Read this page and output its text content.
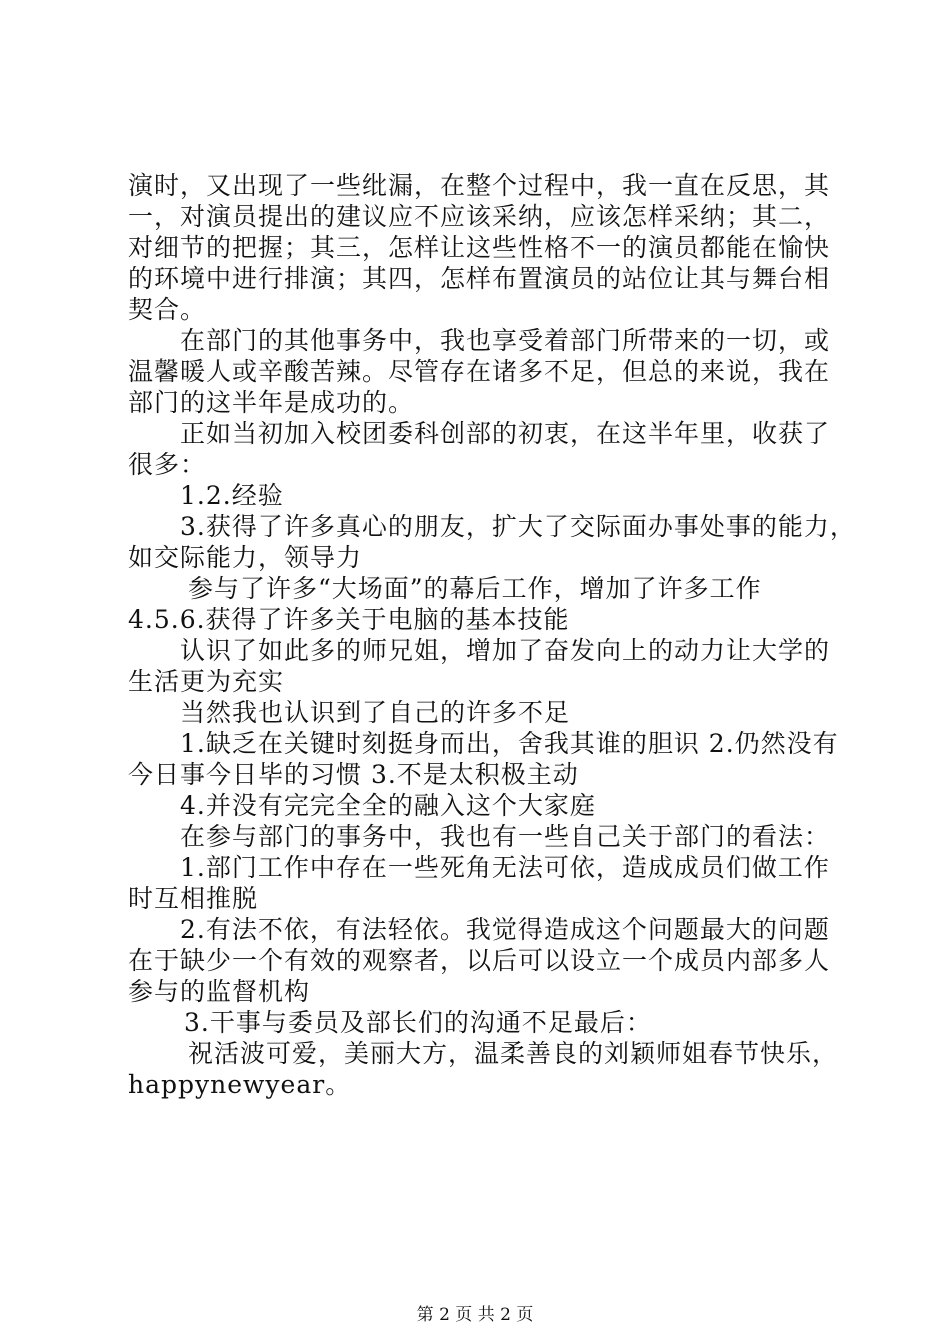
演时，又出现了一些纰漏，在整个过程中，我一直在反思，其
一，对演员提出的建议应不应该采纳，应该怎样采纳；其二，
对细节的把握；其三，怎样让这些性格不一的演员都能在愉快
的环境中进行排演；其四，怎样布置演员的站位让其与舞台相
契合。
在部门的其他事务中，我也享受着部门所带来的一切，或
温馨暖人或辛酸苦辣。尽管存在诸多不足，但总的来说，我在
部门的这半年是成功的。
正如当初加入校团委科创部的初衷，在这半年里，收获了
很多：
1.2.经验
3.获得了许多真心的朋友，扩大了交际面办事处事的能力，
如交际能力，领导力
参与了许多“大场面”的幕后工作，增加了许多工作
4.5.6.获得了许多关于电脑的基本技能
认识了如此多的师兄姐，增加了奋发向上的动力让大学的
生活更为充实
当然我也认识到了自己的许多不足
1.缺乏在关键时刻挺身而出，舍我其谁的胆识 2.仍然没有
今日事今日毕的习惯 3.不是太积极主动
4.并没有完完全全的融入这个大家庭
在参与部门的事务中，我也有一些自己关于部门的看法：
1.部门工作中存在一些死角无法可依，造成成员们做工作
时互相推脱
2.有法不依，有法轻依。我觉得造成这个问题最大的问题
在于缺少一个有效的观察者，以后可以设立一个成员内部多人
参与的监督机构
3.干事与委员及部长们的沟通不足最后：
祝活波可爱，美丽大方，温柔善良的刘颖师姐春节快乐，
happynewyear。
第 2 页 共 2 页
